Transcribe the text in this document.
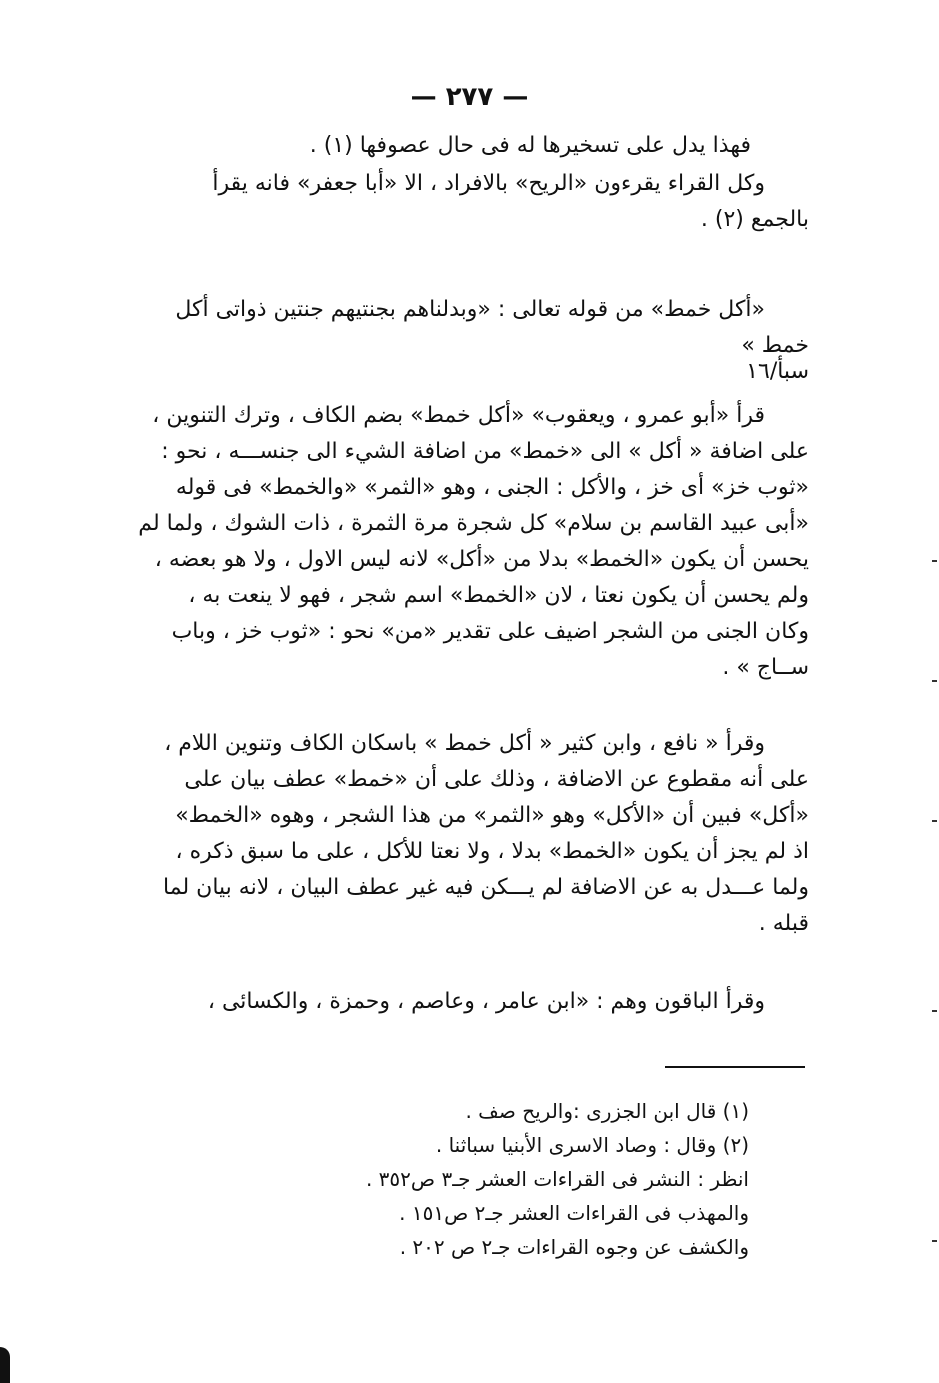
— ٢٧٧ —
فهذا يدل على تسخيرها له فى حال عصوفها (١) .
وكل القراء يقرءون «الريح» بالافراد ، الا «أبا جعفر» فانه يقرأ
بالجمع (٢) .
«أكل خمط» من قوله تعالى : «وبدلناهم بجنتيهم جنتين ذواتى أكل
خمط »
سبأ/١٦
قرأ «أبو عمرو ، ويعقوب» «أكل خمط» بضم الكاف ، وترك التنوين ،
على اضافة « أكل » الى «خمط» من اضافة الشيء الى جنســـه ، نحو :
«ثوب خز» أى خز ، والأكل : الجنى ، وهو «الثمر» «والخمط» فى قوله
«أبى عبيد القاسم بن سلام» كل شجرة مرة الثمرة ، ذات الشوك ، ولما لم
يحسن أن يكون «الخمط» بدلا من «أكل» لانه ليس الاول ، ولا هو بعضه ،
ولم يحسن أن يكون نعتا ، لان «الخمط» اسم شجر ، فهو لا ينعت به ،
وكان الجنى من الشجر اضيف على تقدير «من» نحو : «ثوب خز ، وباب
ســاج » .
وقرأ « نافع ، وابن كثير « أكل خمط » باسكان الكاف وتنوين اللام ،
على أنه مقطوع عن الاضافة ، وذلك على أن «خمط» عطف بيان على
«أكل» فبين أن «الأكل» وهو «الثمر» من هذا الشجر ، وهوه «الخمط»
اذ لم يجز أن يكون «الخمط» بدلا ، ولا نعتا للأكل ، على ما سبق ذكره ،
ولما عـــدل به عن الاضافة لم يـــكن فيه غير عطف البيان ، لانه بيان لما
قبله .
وقرأ الباقون وهم : «ابن عامر ، وعاصم ، وحمزة ، والكسائى ،
(١) قال ابن الجزرى :والريح صف .
(٢) وقال : وصاد الاسرى الأبنيا سباثنا .
انظر : النشر فى القراءات العشر جـ٣ ص٣٥٢ .
والمهذب فى القراءات العشر جـ٢ ص١٥١ .
والكشف عن وجوه القراءات جـ٢ ص ٢٠٢ .
